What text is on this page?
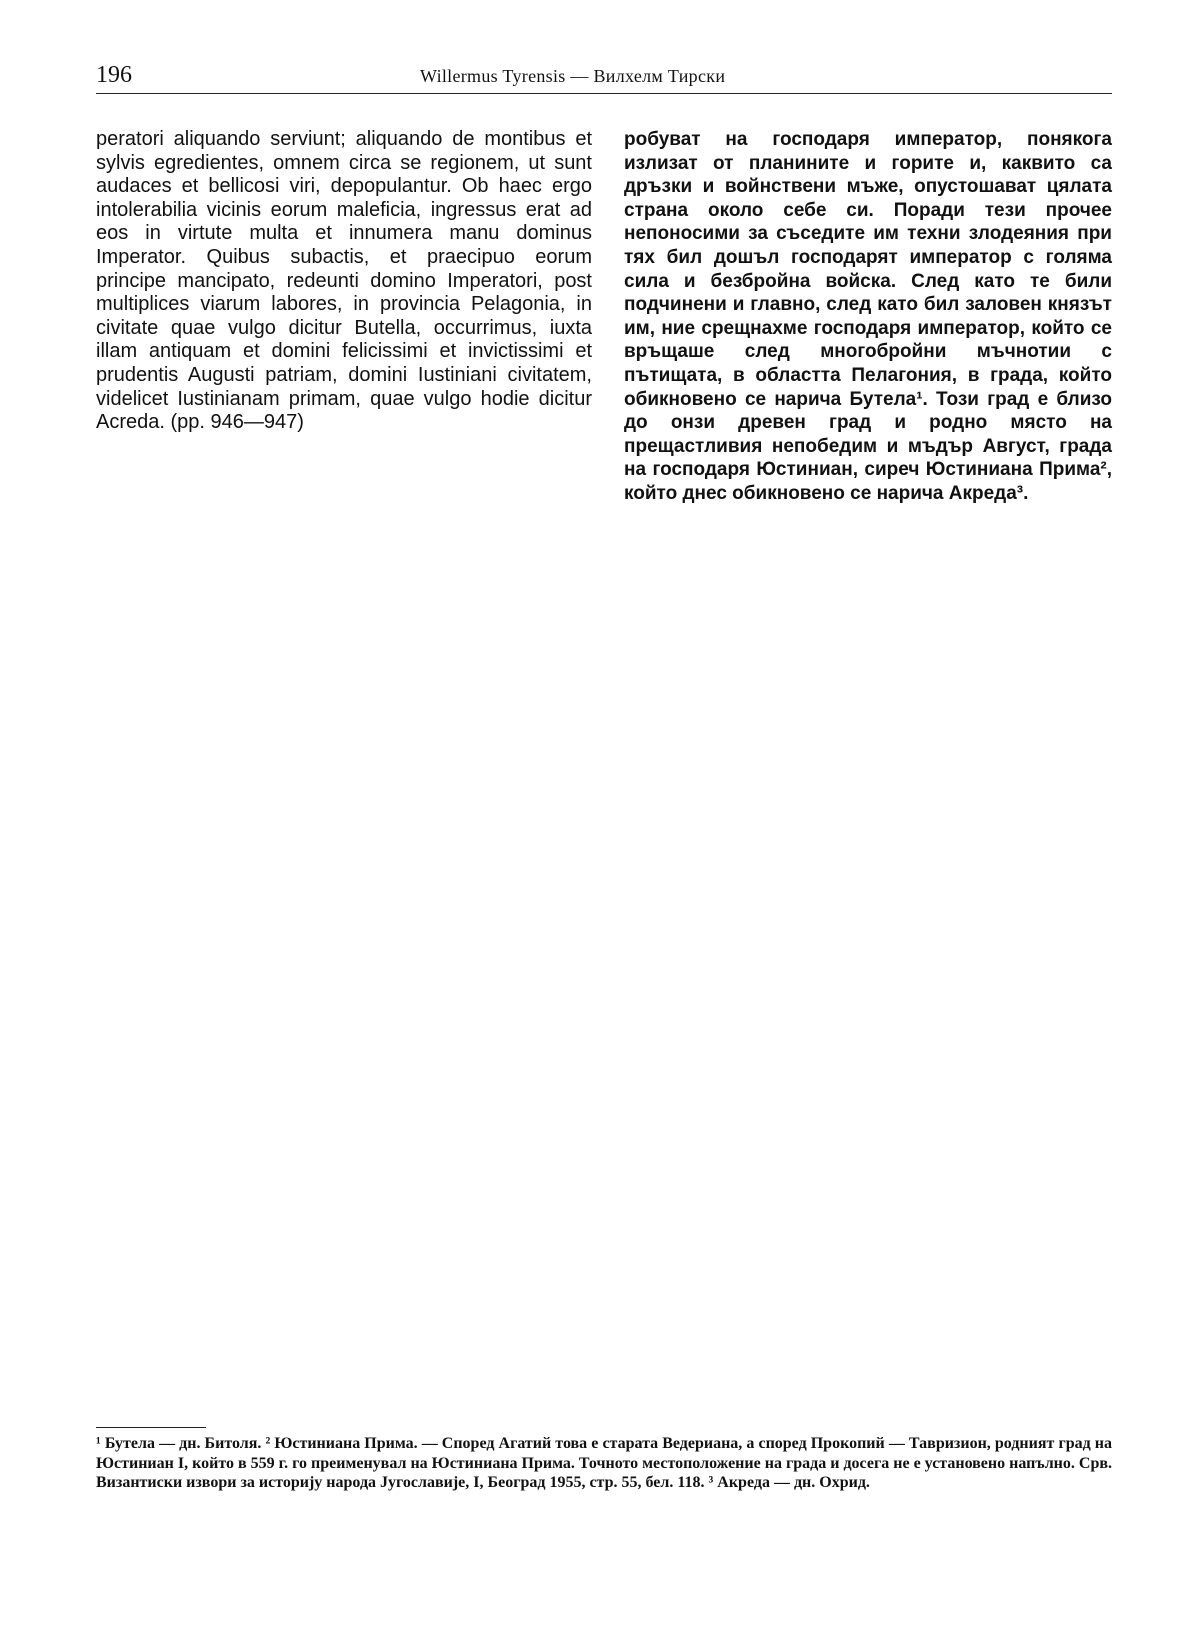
196	Willermus Tyrensis — Вилхелм Тирски
peratori aliquando serviunt; aliquando de montibus et sylvis egredientes, omnem circa se regionem, ut sunt audaces et bellicosi viri, depopulantur. Ob haec ergo intolerabilia vicinis eorum maleficia, ingressus erat ad eos in virtute multa et innumera manu dominus Imperator. Quibus subactis, et praecipuo eorum principe mancipato, redeunti domino Imperatori, post multiplices viarum labores, in provincia Pelagonia, in civitate quae vulgo dicitur Butella, occurrimus, iuxta illam antiquam et domini felicissimi et invictissimi et prudentis Augusti patriam, domini Iustiniani civitatem, videlicet Iustinianam primam, quae vulgo hodie dicitur Acreda. (pp. 946—947)
робуват на господаря император, понякога излизат от планините и горите и, каквито са дръзки и войнствени мъже, опустошават цялата страна около себе си. Поради тези прочее непоносими за съседите им техни злодеяния при тях бил дошъл господарят император с голяма сила и безбройна войска. След като те били подчинени и главно, след като бил заловен князът им, ние срещнахме господаря император, който се връщаше след многобройни мъчнотии с пътищата, в областта Пелагония, в града, който обикновено се нарича Бутела¹. Този град е близо до онзи древен град и родно място на прещастливия непобедим и мъдър Август, града на господаря Юстиниан, сиреч Юстиниана Прима², който днес обикновено се нарича Акреда³.

¹ Бутела — дн. Битоля. ² Юстиниана Прима. — Според Агатий това е старата Ведериана, а според Прокопий — Тавризион, родният град на Юстиниан I, който в 559 г. го преименувал на Юстиниана Прима. Точното местоположение на града и досега не е установено напълно. Срв. Византиски извори за историју народа Југославије, I, Београд 1955, стр. 55, бел. 118. ³ Акреда — дн. Охрид.
